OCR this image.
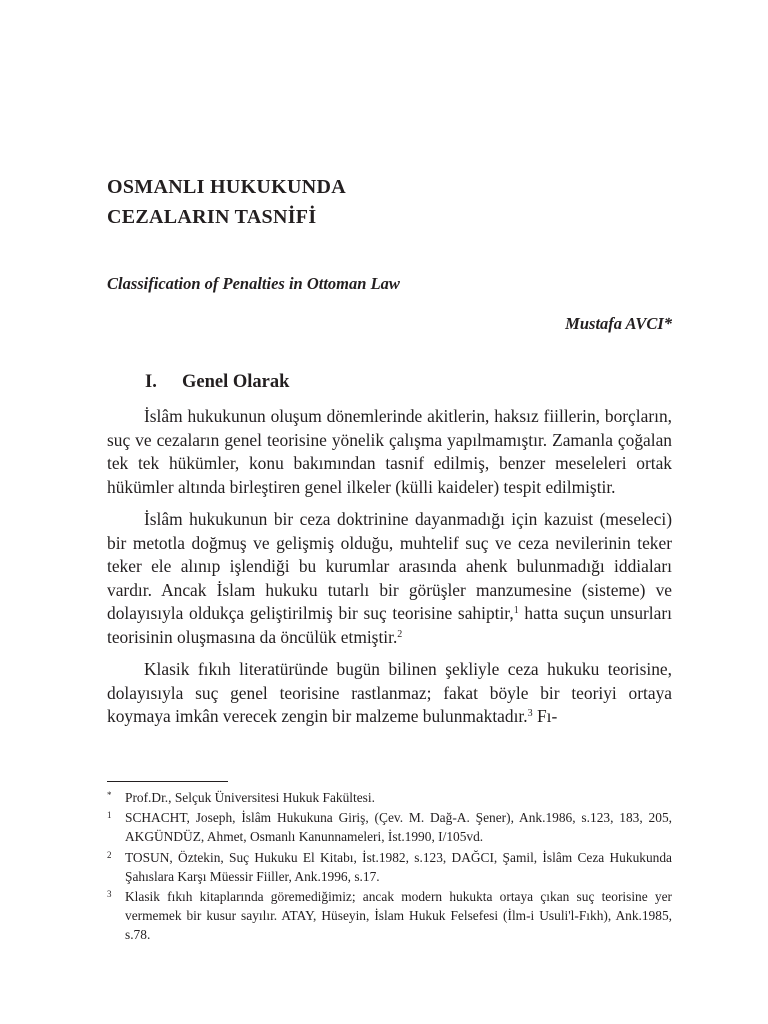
OSMANLI HUKUKUNDA
CEZALARIN TASNİFİ

Classification of Penalties in Ottoman Law

Mustafa AVCI*

I. Genel Olarak

İslâm hukukunun oluşum dönemlerinde akitlerin, haksız fiillerin, borçların, suç ve cezaların genel teorisine yönelik çalışma yapılmamıştır. Zamanla çoğalan tek tek hükümler, konu bakımından tasnif edilmiş, benzer meseleleri ortak hükümler altında birleştiren genel ilkeler (külli kaideler) tespit edilmiştir.

İslâm hukukunun bir ceza doktrinine dayanmadığı için kazuist (meseleci) bir metotla doğmuş ve gelişmiş olduğu, muhtelif suç ve ceza nevilerinin teker teker ele alınıp işlendiği bu kurumlar arasında ahenk bulunmadığı iddiaları vardır. Ancak İslam hukuku tutarlı bir görüşler manzumesine (sisteme) ve dolayısıyla oldukça geliştirilmiş bir suç teorisine sahiptir,$^1$ hatta suçun unsurları teorisinin oluşmasına da öncülük etmiştir.$^2$

Klasik fıkıh literatüründe bugün bilinen şekliyle ceza hukuku teorisine, dolayısıyla suç genel teorisine rastlanmaz; fakat böyle bir teoriyi ortaya koymaya imkân verecek zengin bir malzeme bulunmaktadır.$^3$ Fı-

* Prof.Dr., Selçuk Üniversitesi Hukuk Fakültesi.

1 SCHACHT, Joseph, İslâm Hukukuna Giriş, (Çev. M. Dağ-A. Şener), Ank.1986, s.123, 183, 205, AKGÜNDÜZ, Ahmet, Osmanlı Kanunnameleri, İst.1990, I/105vd.

2 TOSUN, Öztekin, Suç Hukuku El Kitabı, İst.1982, s.123, DAĞCI, Şamil, İslâm Ceza Hukukunda Şahıslara Karşı Müessir Fiiller, Ank.1996, s.17.

3 Klasik fıkıh kitaplarında göremediğimiz; ancak modern hukukta ortaya çıkan suç teorisine yer vermemek bir kusur sayılır. ATAY, Hüseyin, İslam Hukuk Felsefesi (İlm-i Usuli'l-Fıkh), Ank.1985, s.78.
